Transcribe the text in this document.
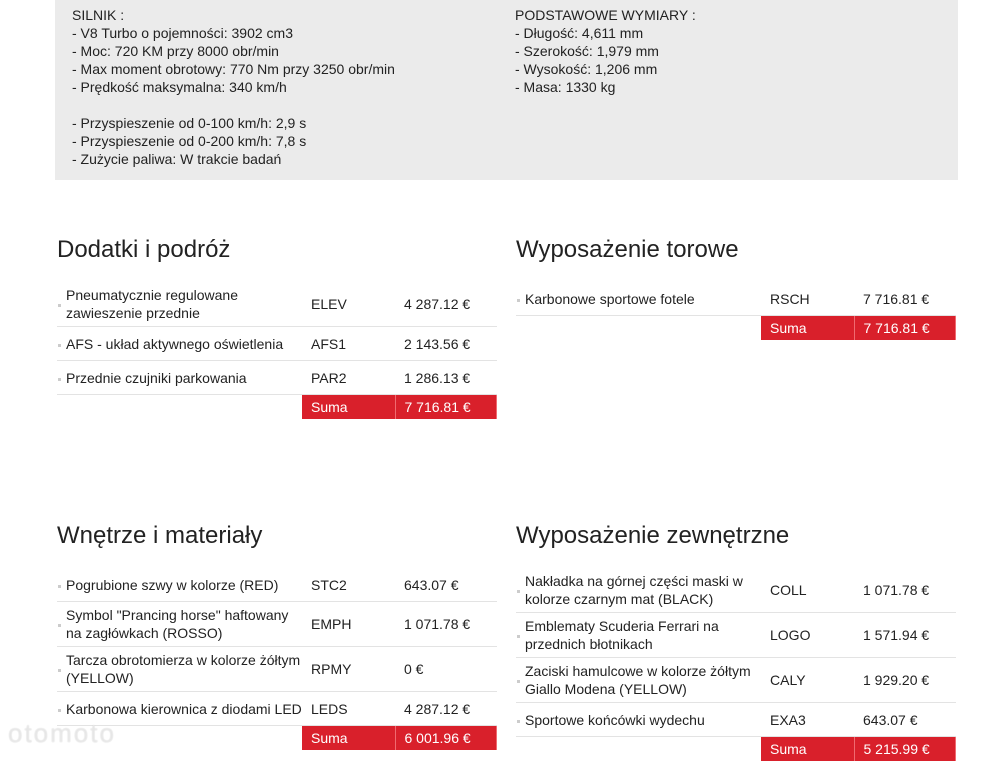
SILNIK :
- V8 Turbo o pojemności: 3902 cm3
- Moc: 720 KM przy 8000 obr/min
- Max moment obrotowy: 770 Nm przy 3250 obr/min
- Prędkość maksymalna: 340 km/h

- Przyspieszenie od 0-100 km/h: 2,9 s
- Przyspieszenie od 0-200 km/h: 7,8 s
- Zużycie paliwa: W trakcie badań
PODSTAWOWE WYMIARY :
- Długość: 4,611 mm
- Szerokość: 1,979 mm
- Wysokość: 1,206 mm
- Masa: 1330 kg
Dodatki i podróż
Pneumatycznie regulowane zawieszenie przednie	ELEV	4 287.12 €
AFS - układ aktywnego oświetlenia	AFS1	2 143.56 €
Przednie czujniki parkowania	PAR2	1 286.13 €
	Suma	7 716.81 €
Wyposażenie torowe
Karbonowe sportowe fotele	RSCH	7 716.81 €
	Suma	7 716.81 €
Wnętrze i materiały
Pogrubione szwy w kolorze (RED)	STC2	643.07 €
Symbol "Prancing horse" haftowany na zagłówkach (ROSSO)	EMPH	1 071.78 €
Tarcza obrotomierza w kolorze żółtym (YELLOW)	RPMY	0 €
Karbonowa kierownica z diodami LED	LEDS	4 287.12 €
	Suma	6 001.96 €
Wyposażenie zewnętrzne
Nakładka na górnej części maski w kolorze czarnym mat (BLACK)	COLL	1 071.78 €
Emblematy Scuderia Ferrari na przednich błotnikach	LOGO	1 571.94 €
Zaciski hamulcowe w kolorze żółtym Giallo Modena (YELLOW)	CALY	1 929.20 €
Sportowe końcówki wydechu	EXA3	643.07 €
	Suma	5 215.99 €
otomoto
